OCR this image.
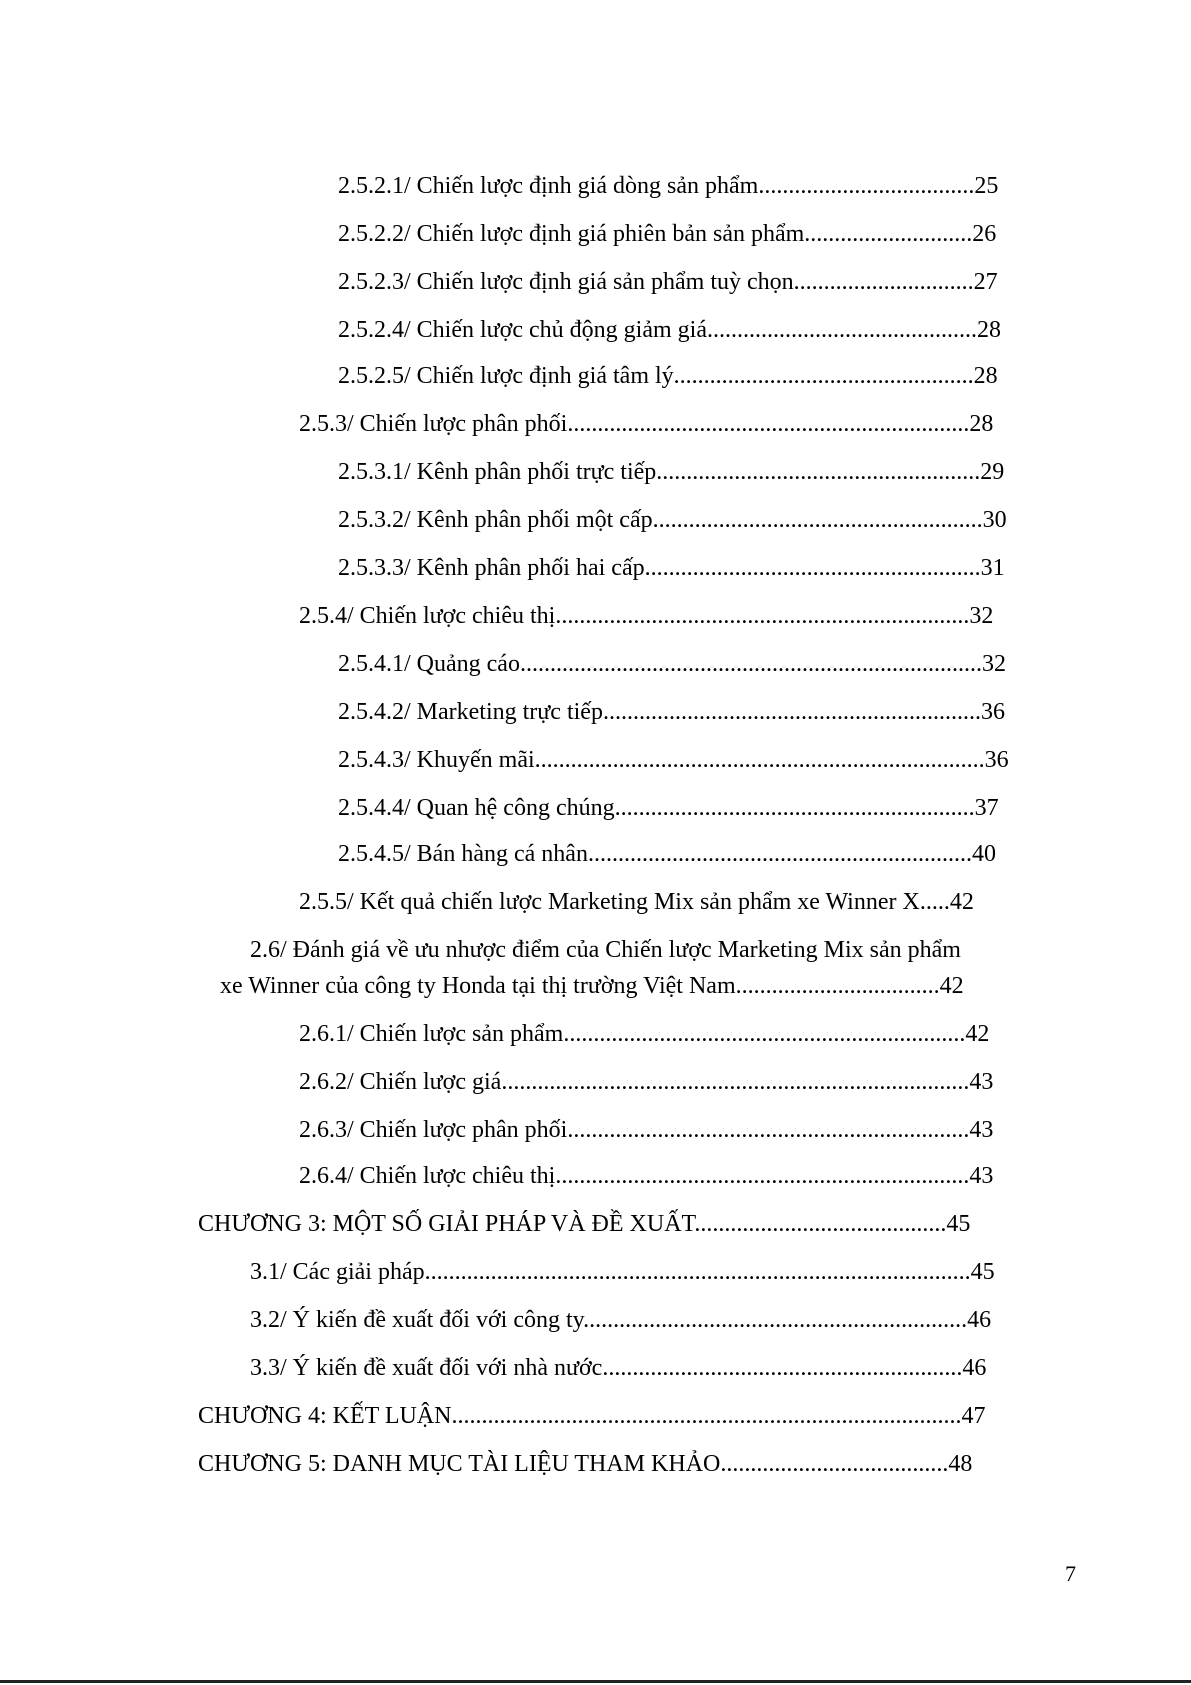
2.5.2.1/ Chiến lược định giá dòng sản phẩm....................................25

2.5.2.2/ Chiến lược định giá phiên bản sản phẩm............................26

2.5.2.3/ Chiến lược định giá sản phẩm tuỳ chọn..............................27

2.5.2.4/ Chiến lược chủ động giảm giá.............................................28

2.5.2.5/ Chiến lược định giá tâm lý..................................................28

2.5.3/ Chiến lược phân phối...................................................................28

2.5.3.1/ Kênh phân phối trực tiếp......................................................29

2.5.3.2/ Kênh phân phối một cấp.......................................................30

2.5.3.3/ Kênh phân phối hai cấp........................................................31

2.5.4/ Chiến lược chiêu thị.....................................................................32

2.5.4.1/ Quảng cáo.............................................................................32

2.5.4.2/ Marketing trực tiếp...............................................................36

2.5.4.3/ Khuyến mãi...........................................................................36

2.5.4.4/ Quan hệ công chúng............................................................37

2.5.4.5/ Bán hàng cá nhân................................................................40

2.5.5/ Kết quả chiến lược Marketing Mix sản phẩm xe Winner X.....42

2.6/ Đánh giá về ưu nhược điểm của Chiến lược Marketing Mix sản phẩm

xe Winner của công ty Honda tại thị trường Việt Nam..................................42

2.6.1/ Chiến lược sản phẩm...................................................................42

2.6.2/ Chiến lược giá..............................................................................43

2.6.3/ Chiến lược phân phối...................................................................43

2.6.4/ Chiến lược chiêu thị.....................................................................43

CHƯƠNG 3: MỘT SỐ GIẢI PHÁP VÀ ĐỀ XUẤT..........................................45

3.1/ Các giải pháp...........................................................................................45

3.2/ Ý kiến đề xuất đối với công ty................................................................46

3.3/ Ý kiến đề xuất đối với nhà nước............................................................46

CHƯƠNG 4: KẾT LUẬN.....................................................................................47

CHƯƠNG 5: DANH MỤC TÀI LIỆU THAM KHẢO......................................48

7
